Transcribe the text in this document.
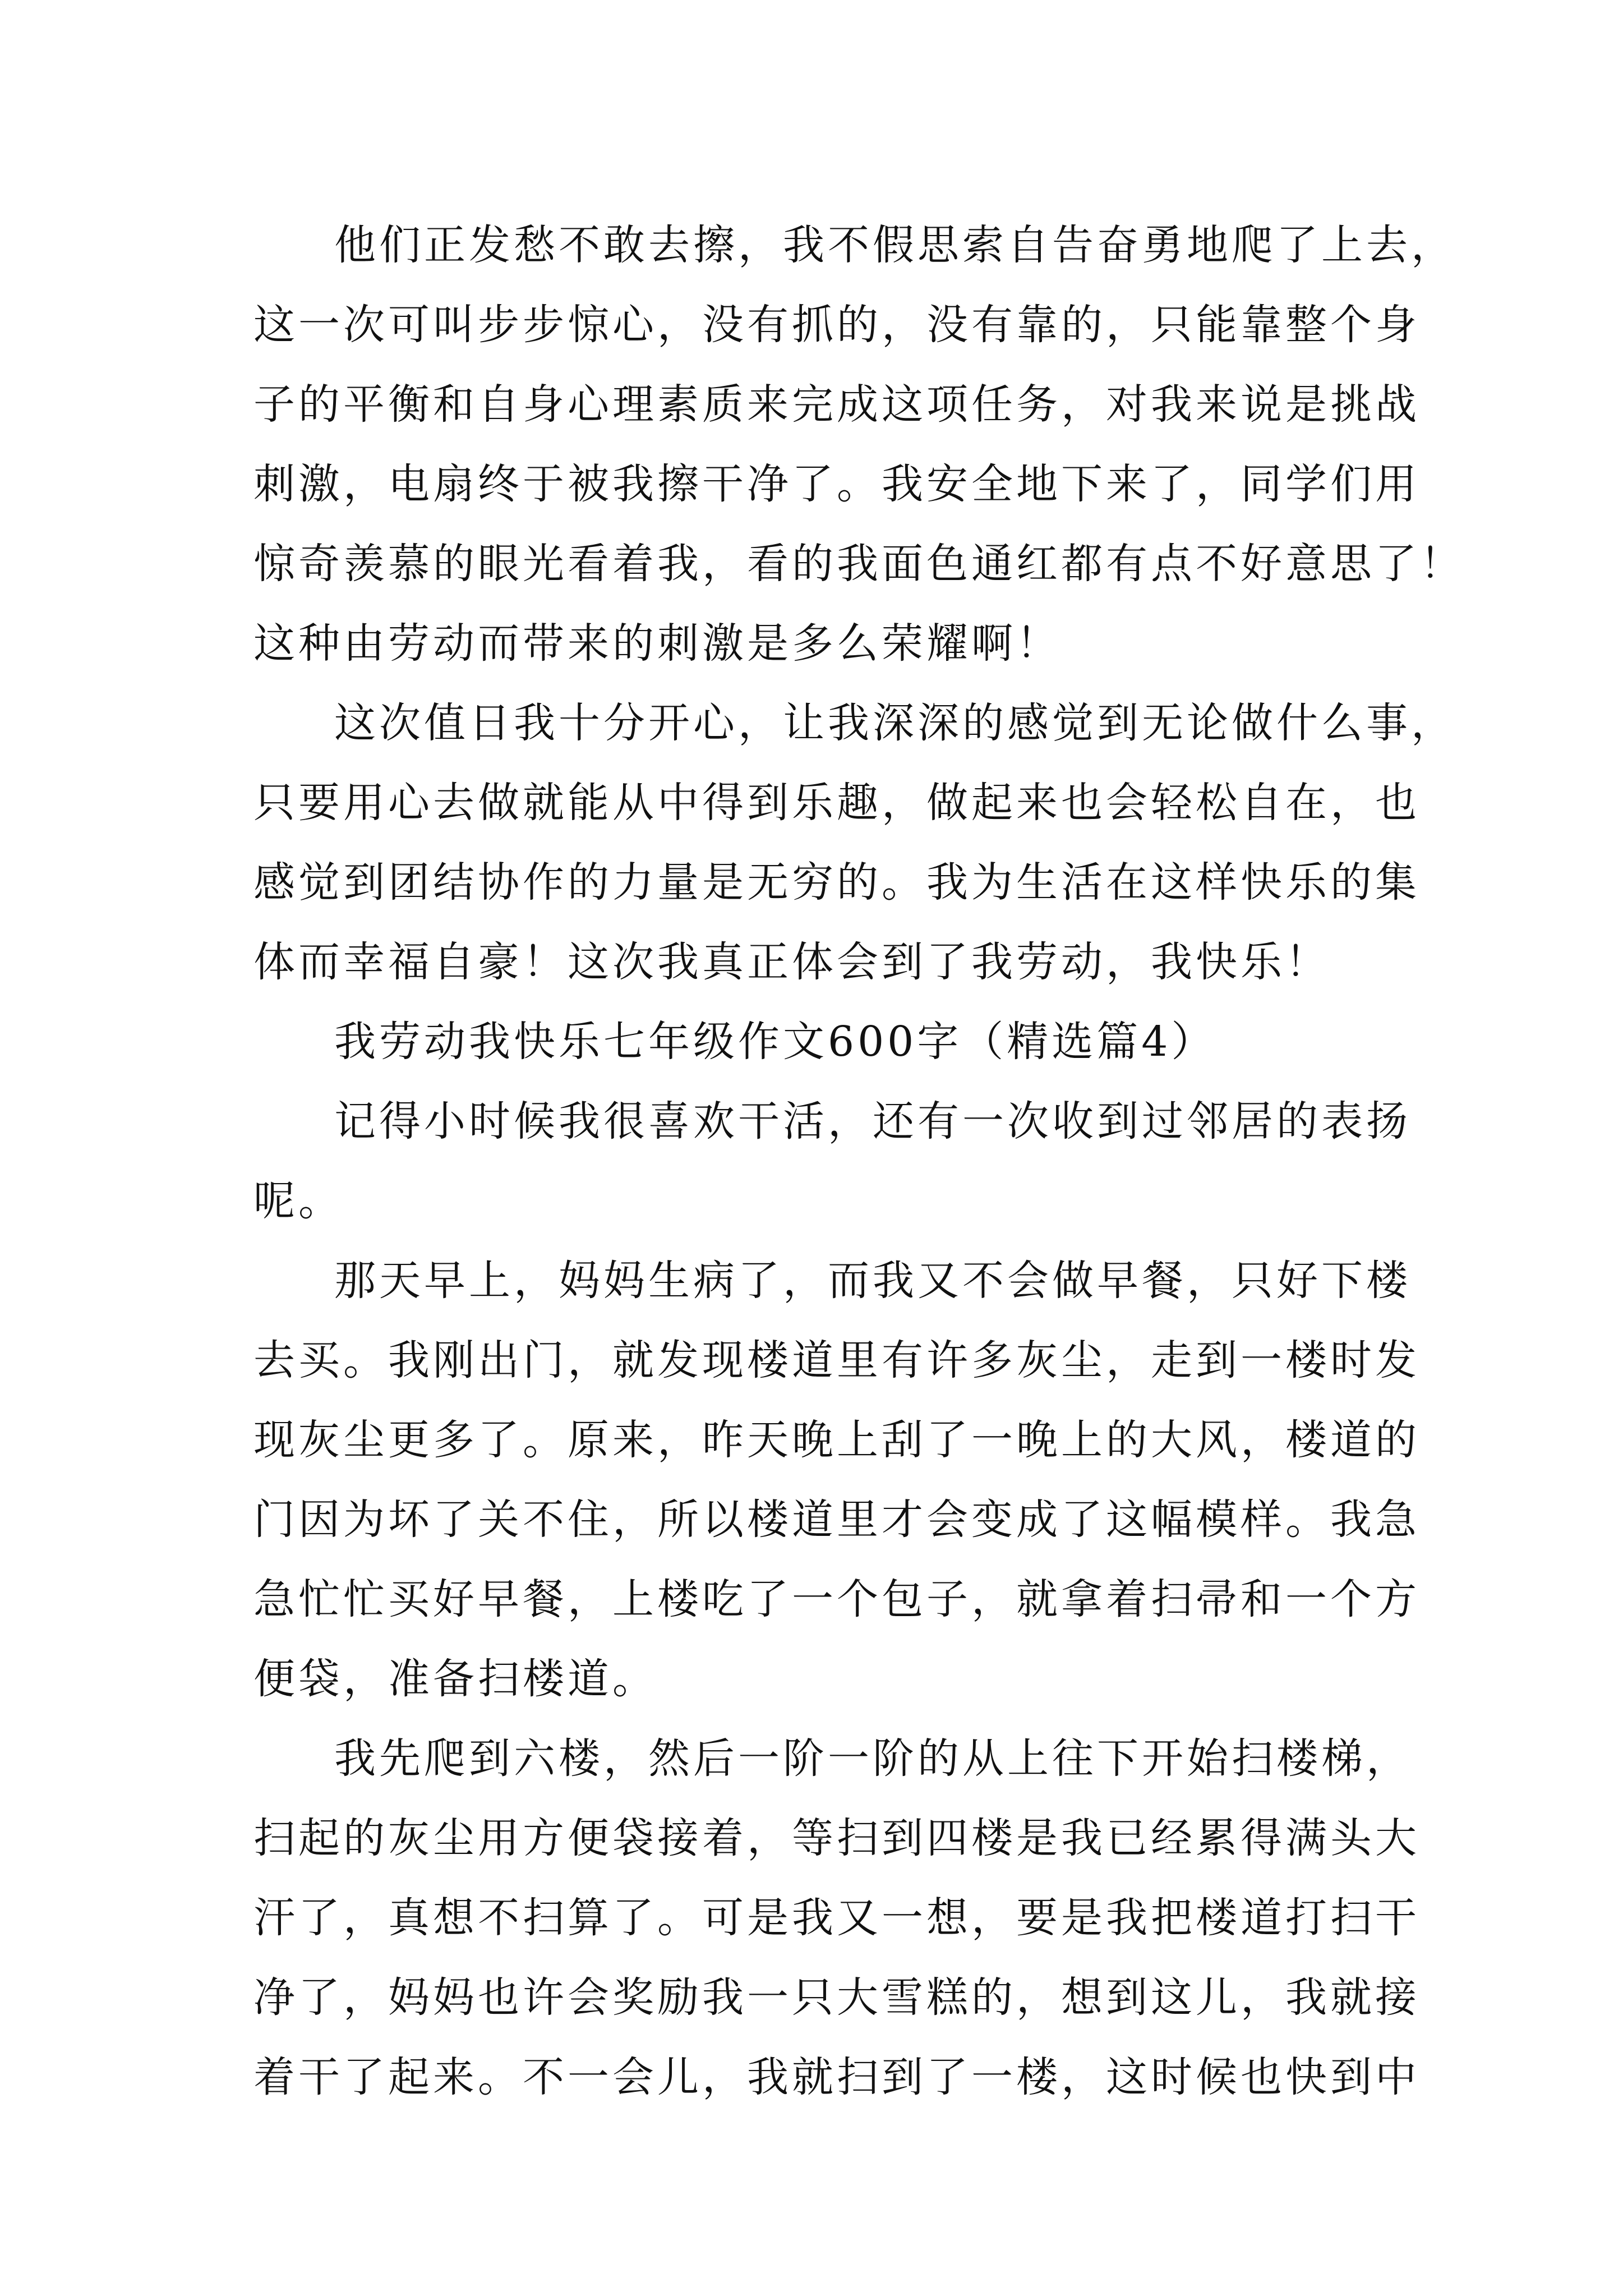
他们正发愁不敢去擦，我不假思索自告奋勇地爬了上去，
这一次可叫步步惊心，没有抓的，没有靠的，只能靠整个身
子的平衡和自身心理素质来完成这项任务，对我来说是挑战
刺激，电扇终于被我擦干净了。我安全地下来了，同学们用
惊奇羡慕的眼光看着我，看的我面色通红都有点不好意思了！
这种由劳动而带来的刺激是多么荣耀啊！
这次值日我十分开心，让我深深的感觉到无论做什么事，
只要用心去做就能从中得到乐趣，做起来也会轻松自在，也
感觉到团结协作的力量是无穷的。我为生活在这样快乐的集
体而幸福自豪！这次我真正体会到了我劳动，我快乐！
我劳动我快乐七年级作文600字（精选篇4）
记得小时候我很喜欢干活，还有一次收到过邻居的表扬
呢。
那天早上，妈妈生病了，而我又不会做早餐，只好下楼
去买。我刚出门，就发现楼道里有许多灰尘，走到一楼时发
现灰尘更多了。原来，昨天晚上刮了一晚上的大风，楼道的
门因为坏了关不住，所以楼道里才会变成了这幅模样。我急
急忙忙买好早餐，上楼吃了一个包子，就拿着扫帚和一个方
便袋，准备扫楼道。
我先爬到六楼，然后一阶一阶的从上往下开始扫楼梯，
扫起的灰尘用方便袋接着，等扫到四楼是我已经累得满头大
汗了，真想不扫算了。可是我又一想，要是我把楼道打扫干
净了，妈妈也许会奖励我一只大雪糕的，想到这儿，我就接
着干了起来。不一会儿，我就扫到了一楼，这时候也快到中
